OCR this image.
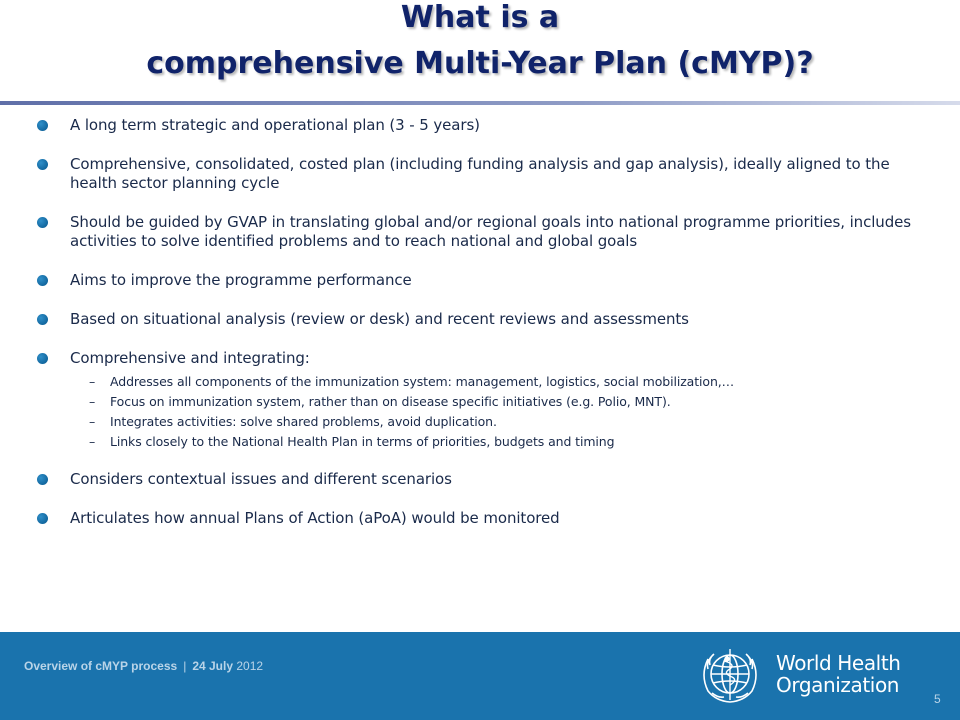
What is a
comprehensive Multi-Year Plan (cMYP)?
A long term strategic and operational plan (3 - 5 years)
Comprehensive, consolidated, costed plan (including funding analysis and gap analysis), ideally aligned to the health sector planning cycle
Should be guided by GVAP in translating global and/or regional goals into national programme priorities, includes activities to solve identified problems and to reach national and global goals
Aims to improve the programme performance
Based on situational analysis (review or desk) and recent reviews and assessments
Comprehensive and integrating:
– Addresses all components of the immunization system: management, logistics, social mobilization,…
– Focus on immunization system, rather than on disease specific initiatives (e.g. Polio, MNT).
– Integrates activities: solve shared problems, avoid duplication.
– Links closely to the National Health Plan in terms of priorities, budgets and timing
Considers contextual issues and different scenarios
Articulates how annual Plans of Action (aPoA) would be monitored
Overview of cMYP process | 24 July 2012	World Health
Organization
5
